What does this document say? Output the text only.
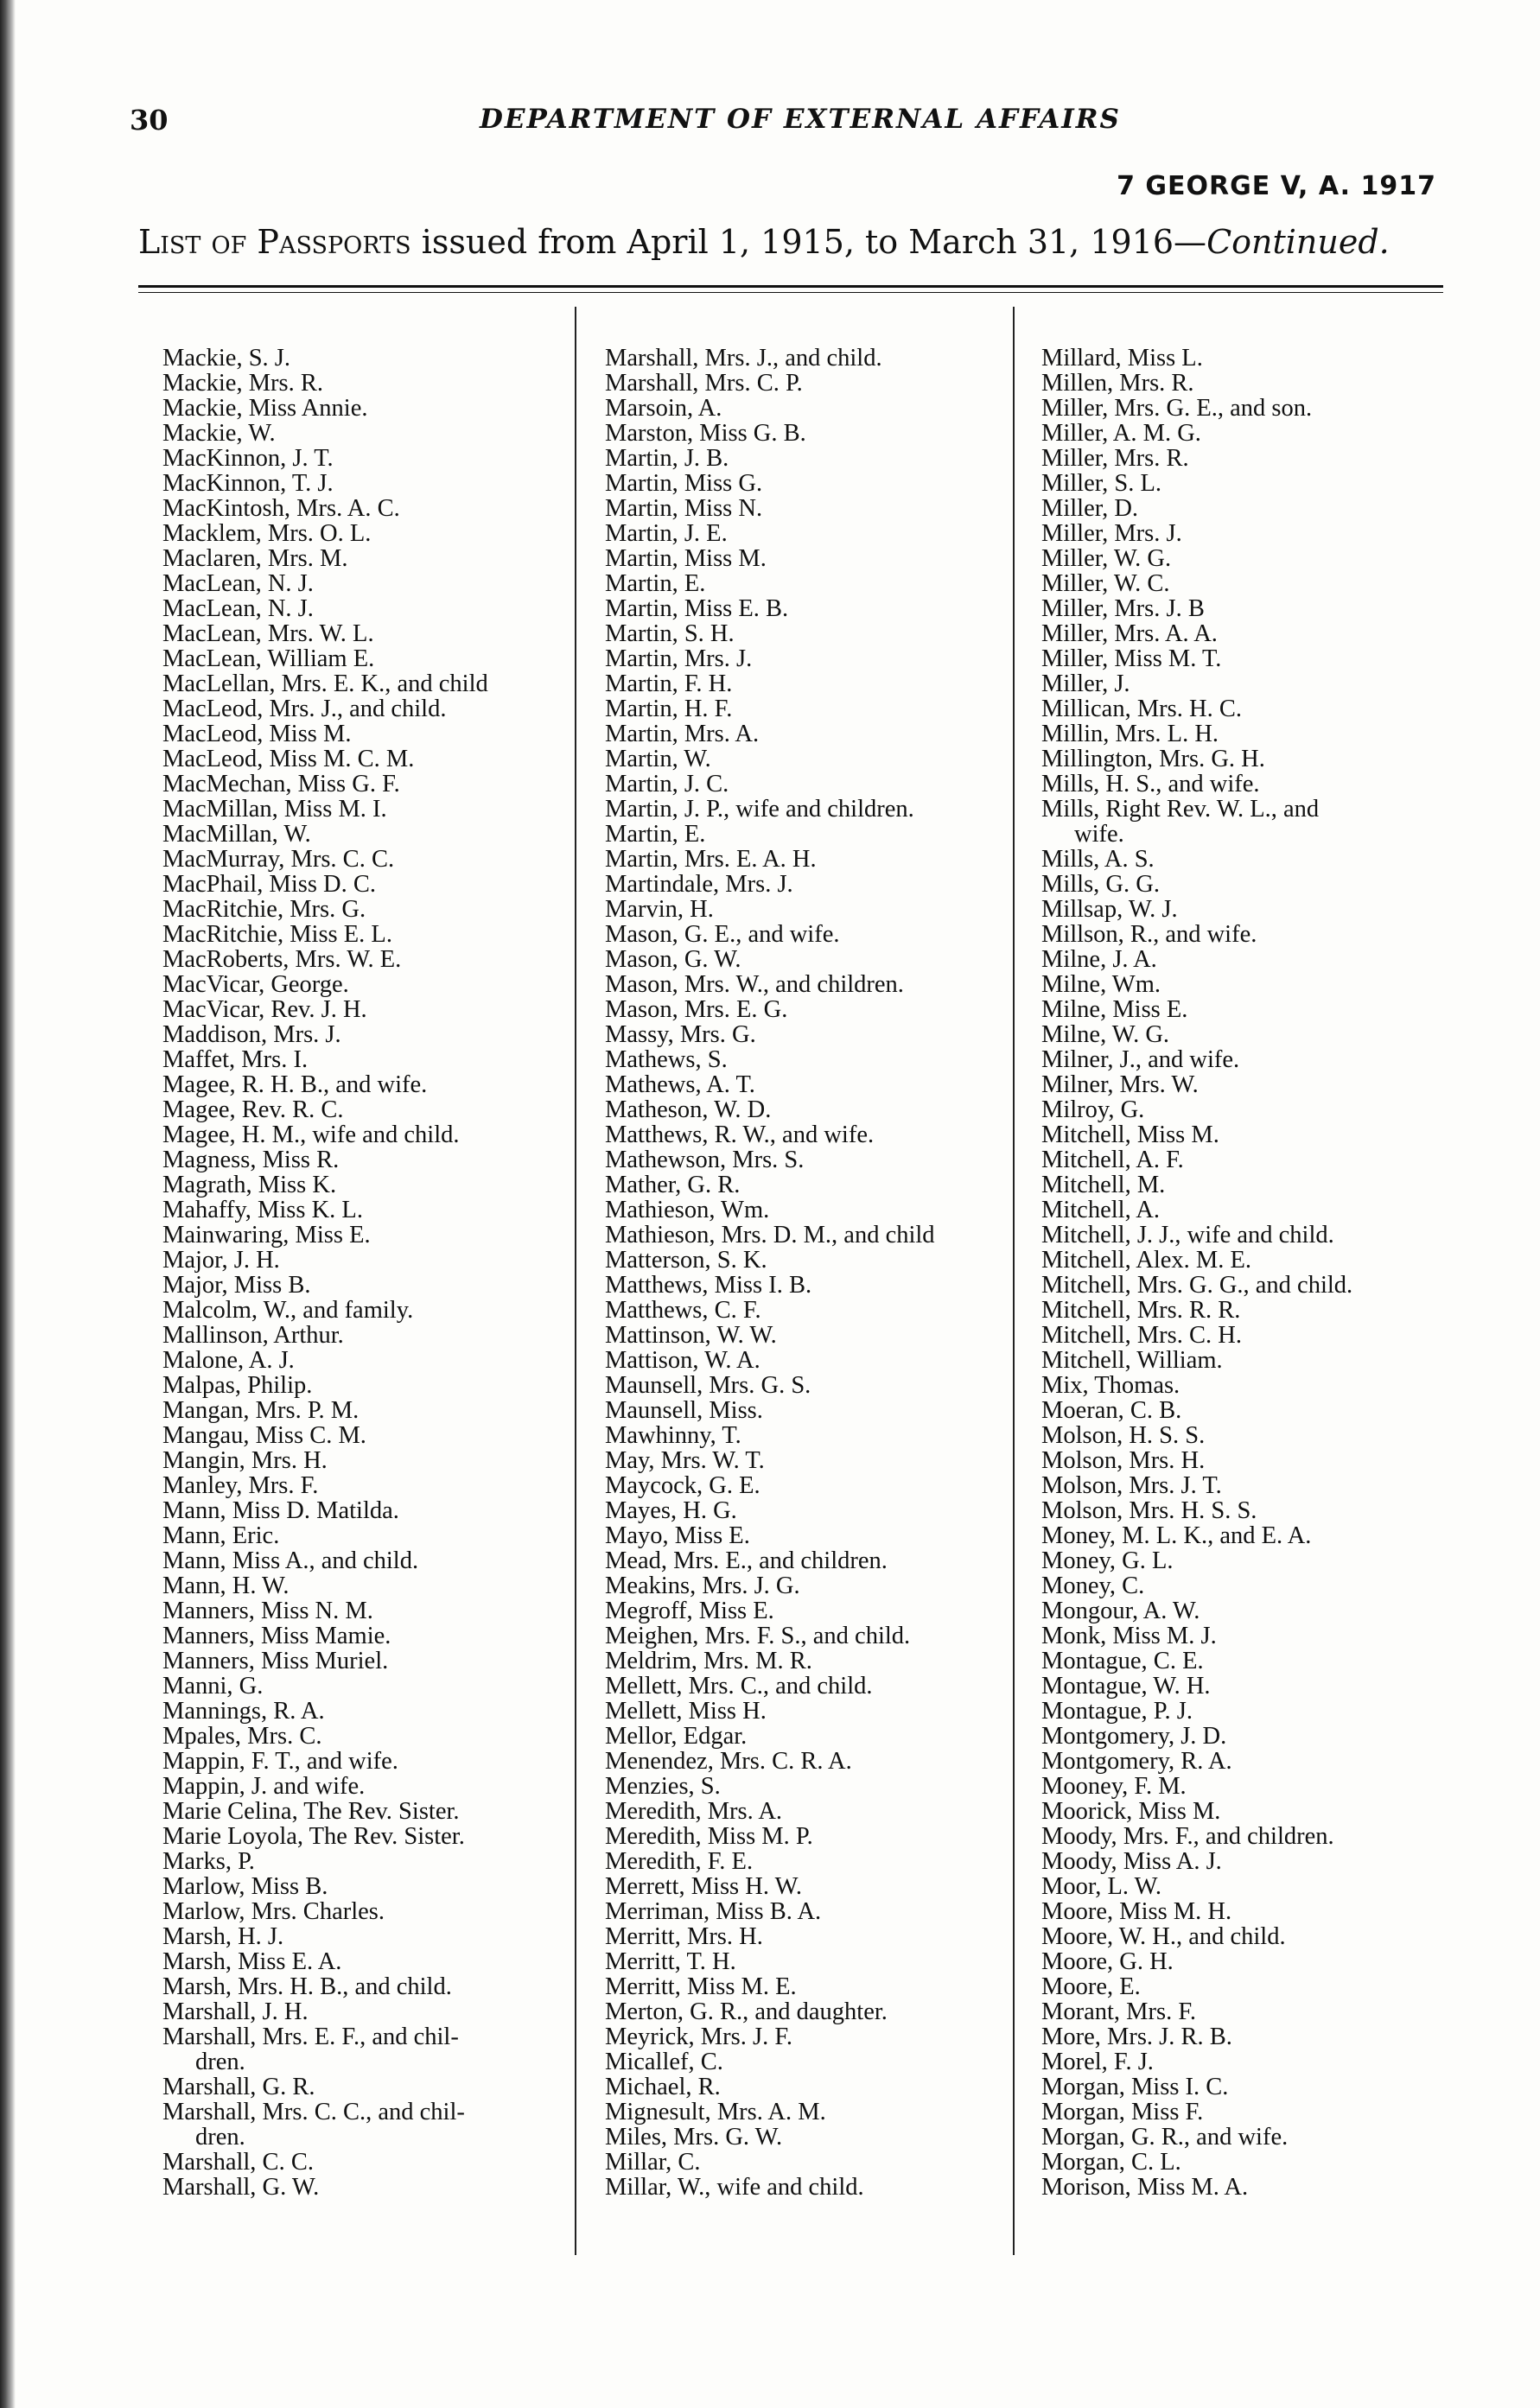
30	DEPARTMENT OF EXTERNAL AFFAIRS
7 GEORGE V, A. 1917
List of Passports issued from April 1, 1915, to March 31, 1916—Continued.
Mackie, S. J.
Mackie, Mrs. R.
Mackie, Miss Annie.
Mackie, W.
MacKinnon, J. T.
MacKinnon, T. J.
MacKintosh, Mrs. A. C.
Macklem, Mrs. O. L.
Maclaren, Mrs. M.
MacLean, N. J.
MacLean, N. J.
MacLean, Mrs. W. L.
MacLean, William E.
MacLellan, Mrs. E. K., and child
MacLeod, Mrs. J., and child.
MacLeod, Miss M.
MacLeod, Miss M. C. M.
MacMechan, Miss G. F.
MacMillan, Miss M. I.
MacMillan, W.
MacMurray, Mrs. C. C.
MacPhail, Miss D. C.
MacRitchie, Mrs. G.
MacRitchie, Miss E. L.
MacRoberts, Mrs. W. E.
MacVicar, George.
MacVicar, Rev. J. H.
Maddison, Mrs. J.
Maffet, Mrs. I.
Magee, R. H. B., and wife.
Magee, Rev. R. C.
Magee, H. M., wife and child.
Magness, Miss R.
Magrath, Miss K.
Mahaffy, Miss K. L.
Mainwaring, Miss E.
Major, J. H.
Major, Miss B.
Malcolm, W., and family.
Mallinson, Arthur.
Malone, A. J.
Malpas, Philip.
Mangan, Mrs. P. M.
Mangau, Miss C. M.
Mangin, Mrs. H.
Manley, Mrs. F.
Mann, Miss D. Matilda.
Mann, Eric.
Mann, Miss A., and child.
Mann, H. W.
Manners, Miss N. M.
Manners, Miss Mamie.
Manners, Miss Muriel.
Manni, G.
Mannings, R. A.
Mpales, Mrs. C.
Mappin, F. T., and wife.
Mappin, J. and wife.
Marie Celina, The Rev. Sister.
Marie Loyola, The Rev. Sister.
Marks, P.
Marlow, Miss B.
Marlow, Mrs. Charles.
Marsh, H. J.
Marsh, Miss E. A.
Marsh, Mrs. H. B., and child.
Marshall, J. H.
Marshall, Mrs. E. F., and chil-
dren.
Marshall, G. R.
Marshall, Mrs. C. C., and chil-
dren.
Marshall, C. C.
Marshall, G. W.
Marshall, Mrs. J., and child.
Marshall, Mrs. C. P.
Marsoin, A.
Marston, Miss G. B.
Martin, J. B.
Martin, Miss G.
Martin, Miss N.
Martin, J. E.
Martin, Miss M.
Martin, E.
Martin, Miss E. B.
Martin, S. H.
Martin, Mrs. J.
Martin, F. H.
Martin, H. F.
Martin, Mrs. A.
Martin, W.
Martin, J. C.
Martin, J. P., wife and children.
Martin, E.
Martin, Mrs. E. A. H.
Martindale, Mrs. J.
Marvin, H.
Mason, G. E., and wife.
Mason, G. W.
Mason, Mrs. W., and children.
Mason, Mrs. E. G.
Massy, Mrs. G.
Mathews, S.
Mathews, A. T.
Matheson, W. D.
Matthews, R. W., and wife.
Mathewson, Mrs. S.
Mather, G. R.
Mathieson, Wm.
Mathieson, Mrs. D. M., and child
Matterson, S. K.
Matthews, Miss I. B.
Matthews, C. F.
Mattinson, W. W.
Mattison, W. A.
Maunsell, Mrs. G. S.
Maunsell, Miss.
Mawhinny, T.
May, Mrs. W. T.
Maycock, G. E.
Mayes, H. G.
Mayo, Miss E.
Mead, Mrs. E., and children.
Meakins, Mrs. J. G.
Megroff, Miss E.
Meighen, Mrs. F. S., and child.
Meldrim, Mrs. M. R.
Mellett, Mrs. C., and child.
Mellett, Miss H.
Mellor, Edgar.
Menendez, Mrs. C. R. A.
Menzies, S.
Meredith, Mrs. A.
Meredith, Miss M. P.
Meredith, F. E.
Merrett, Miss H. W.
Merriman, Miss B. A.
Merritt, Mrs. H.
Merritt, T. H.
Merritt, Miss M. E.
Merton, G. R., and daughter.
Meyrick, Mrs. J. F.
Micallef, C.
Michael, R.
Mignesult, Mrs. A. M.
Miles, Mrs. G. W.
Millar, C.
Millar, W., wife and child.
Millard, Miss L.
Millen, Mrs. R.
Miller, Mrs. G. E., and son.
Miller, A. M. G.
Miller, Mrs. R.
Miller, S. L.
Miller, D.
Miller, Mrs. J.
Miller, W. G.
Miller, W. C.
Miller, Mrs. J. B
Miller, Mrs. A. A.
Miller, Miss M. T.
Miller, J.
Millican, Mrs. H. C.
Millin, Mrs. L. H.
Millington, Mrs. G. H.
Mills, H. S., and wife.
Mills, Right Rev. W. L., and
wife.
Mills, A. S.
Mills, G. G.
Millsap, W. J.
Millson, R., and wife.
Milne, J. A.
Milne, Wm.
Milne, Miss E.
Milne, W. G.
Milner, J., and wife.
Milner, Mrs. W.
Milroy, G.
Mitchell, Miss M.
Mitchell, A. F.
Mitchell, M.
Mitchell, A.
Mitchell, J. J., wife and child.
Mitchell, Alex. M. E.
Mitchell, Mrs. G. G., and child.
Mitchell, Mrs. R. R.
Mitchell, Mrs. C. H.
Mitchell, William.
Mix, Thomas.
Moeran, C. B.
Molson, H. S. S.
Molson, Mrs. H.
Molson, Mrs. J. T.
Molson, Mrs. H. S. S.
Money, M. L. K., and E. A.
Money, G. L.
Money, C.
Mongour, A. W.
Monk, Miss M. J.
Montague, C. E.
Montague, W. H.
Montague, P. J.
Montgomery, J. D.
Montgomery, R. A.
Mooney, F. M.
Moorick, Miss M.
Moody, Mrs. F., and children.
Moody, Miss A. J.
Moor, L. W.
Moore, Miss M. H.
Moore, W. H., and child.
Moore, G. H.
Moore, E.
Morant, Mrs. F.
More, Mrs. J. R. B.
Morel, F. J.
Morgan, Miss I. C.
Morgan, Miss F.
Morgan, G. R., and wife.
Morgan, C. L.
Morison, Miss M. A.
